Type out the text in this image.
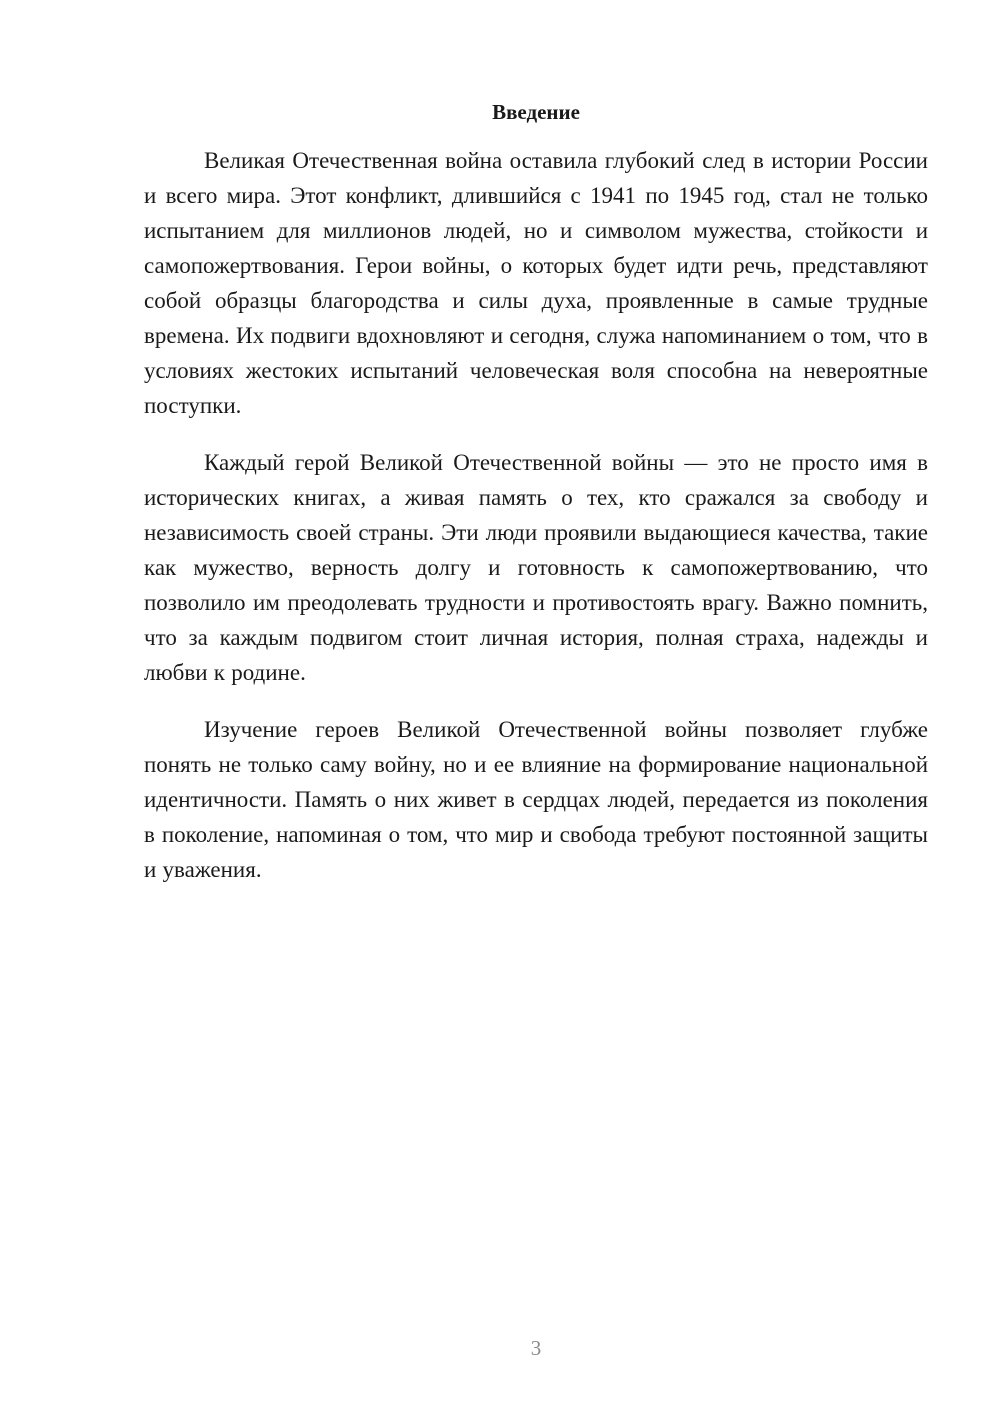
Введение

Великая Отечественная война оставила глубокий след в истории России и всего мира. Этот конфликт, длившийся с 1941 по 1945 год, стал не только испытанием для миллионов людей, но и символом мужества, стойкости и самопожертвования. Герои войны, о которых будет идти речь, представляют собой образцы благородства и силы духа, проявленные в самые трудные времена. Их подвиги вдохновляют и сегодня, служа напоминанием о том, что в условиях жестоких испытаний человеческая воля способна на невероятные поступки.

Каждый герой Великой Отечественной войны — это не просто имя в исторических книгах, а живая память о тех, кто сражался за свободу и независимость своей страны. Эти люди проявили выдающиеся качества, такие как мужество, верность долгу и готовность к самопожертвованию, что позволило им преодолевать трудности и противостоять врагу. Важно помнить, что за каждым подвигом стоит личная история, полная страха, надежды и любви к родине.

Изучение героев Великой Отечественной войны позволяет глубже понять не только саму войну, но и ее влияние на формирование национальной идентичности. Память о них живет в сердцах людей, передается из поколения в поколение, напоминая о том, что мир и свобода требуют постоянной защиты и уважения.

3
